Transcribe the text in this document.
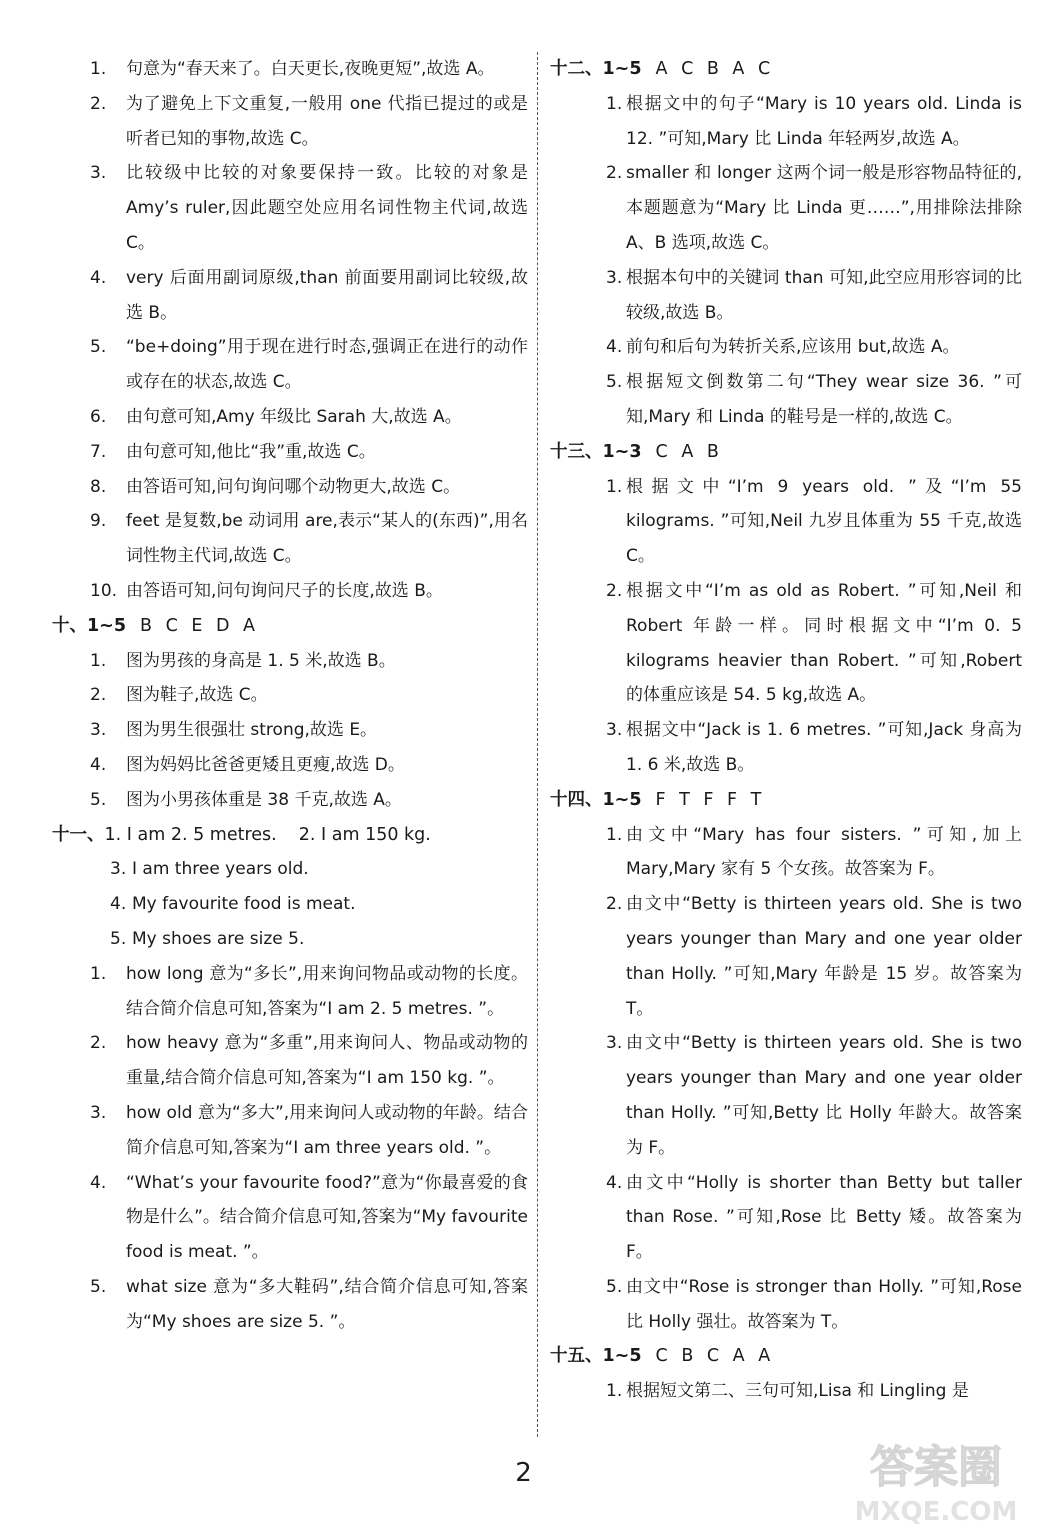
1. 句意为“春天来了。白天更长,夜晚更短”,故选 A。
2. 为了避免上下文重复,一般用 one 代指已提过的或是听者已知的事物,故选 C。
3. 比较级中比较的对象要保持一致。比较的对象是 Amy’s ruler,因此题空处应用名词性物主代词,故选 C。
4. very 后面用副词原级,than 前面要用副词比较级,故选 B。
5. “be+doing”用于现在进行时态,强调正在进行的动作或存在的状态,故选 C。
6. 由句意可知,Amy 年级比 Sarah 大,故选 A。
7. 由句意可知,他比“我”重,故选 C。
8. 由答语可知,问句询问哪个动物更大,故选 C。
9. feet 是复数,be 动词用 are,表示“某人的(东西)”,用名词性物主代词,故选 C。
10. 由答语可知,问句询问尺子的长度,故选 B。
十、1~5 B C E D A
1. 图为男孩的身高是 1. 5 米,故选 B。
2. 图为鞋子,故选 C。
3. 图为男生很强壮 strong,故选 E。
4. 图为妈妈比爸爸更矮且更瘦,故选 D。
5. 图为小男孩体重是 38 千克,故选 A。
十一、1. I am 2. 5 metres. 2. I am 150 kg.
3. I am three years old.
4. My favourite food is meat.
5. My shoes are size 5.
1. how long 意为“多长”,用来询问物品或动物的长度。结合简介信息可知,答案为“I am 2. 5 metres. ”。
2. how heavy 意为“多重”,用来询问人、物品或动物的重量,结合简介信息可知,答案为“I am 150 kg. ”。
3. how old 意为“多大”,用来询问人或动物的年龄。结合简介信息可知,答案为“I am three years old. ”。
4. “What’s your favourite food?”意为“你最喜爱的食物是什么”。结合简介信息可知,答案为“My favourite food is meat. ”。
5. what size 意为“多大鞋码”,结合简介信息可知,答案为“My shoes are size 5. ”。
十二、1~5 A C B A C
1. 根据文中的句子“Mary is 10 years old. Linda is 12. ”可知,Mary 比 Linda 年轻两岁,故选 A。
2. smaller 和 longer 这两个词一般是形容物品特征的,本题题意为“Mary 比 Linda 更……”,用排除法排除 A、B 选项,故选 C。
3. 根据本句中的关键词 than 可知,此空应用形容词的比较级,故选 B。
4. 前句和后句为转折关系,应该用 but,故选 A。
5. 根据短文倒数第二句“They wear size 36. ”可知,Mary 和 Linda 的鞋号是一样的,故选 C。
十三、1~3 C A B
1. 根据文中“I’m 9 years old. ”及“I’m 55 kilograms. ”可知,Neil 九岁且体重为 55 千克,故选 C。
2. 根据文中“I’m as old as Robert. ”可知,Neil 和 Robert 年龄一样。同时根据文中“I’m 0. 5 kilograms heavier than Robert. ”可知,Robert 的体重应该是 54. 5 kg,故选 A。
3. 根据文中“Jack is 1. 6 metres. ”可知,Jack 身高为 1. 6 米,故选 B。
十四、1~5 F T F F T
1. 由文中“Mary has four sisters. ”可知,加上 Mary,Mary 家有 5 个女孩。故答案为 F。
2. 由文中“Betty is thirteen years old. She is two years younger than Mary and one year older than Holly. ”可知,Mary 年龄是 15 岁。故答案为 T。
3. 由文中“Betty is thirteen years old. She is two years younger than Mary and one year older than Holly. ”可知,Betty 比 Holly 年龄大。故答案为 F。
4. 由文中“Holly is shorter than Betty but taller than Rose. ”可知,Rose 比 Betty 矮。故答案为 F。
5. 由文中“Rose is stronger than Holly. ”可知,Rose 比 Holly 强壮。故答案为 T。
十五、1~5 C B C A A
1. 根据短文第二、三句可知,Lisa 和 Lingling 是
2	答案圈
MXQE.COM
